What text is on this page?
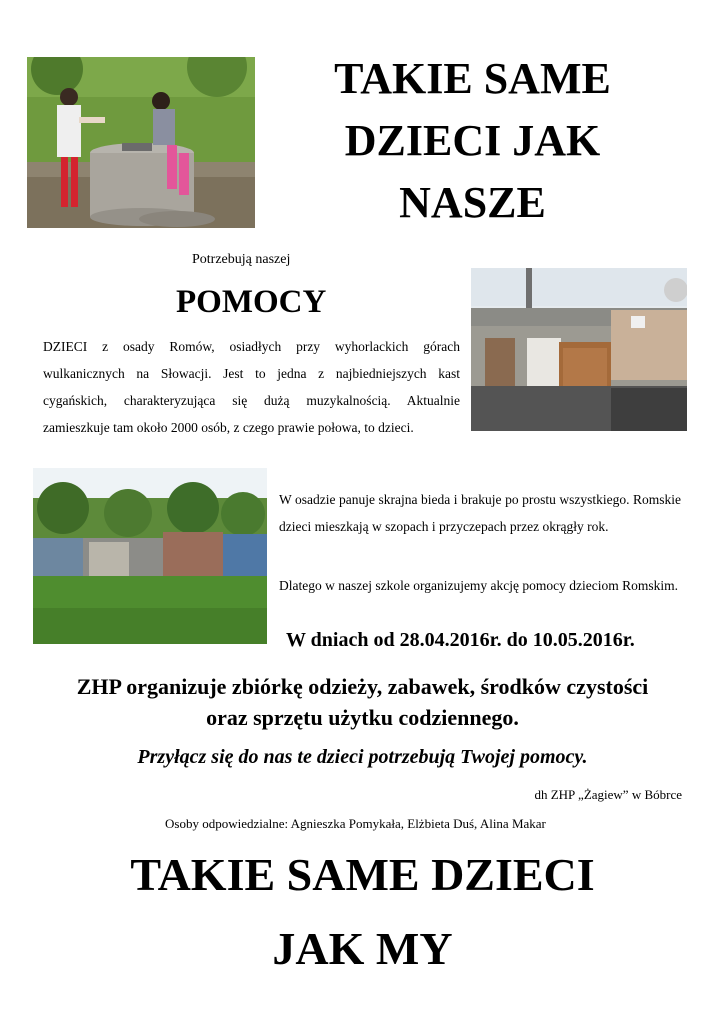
TAKIE SAME
DZIECI JAK
NASZE
Potrzebują naszej
POMOCY
DZIECI z osady Romów, osiadłych przy wyhorlackich górach wulkanicznych na Słowacji. Jest to jedna z najbiedniejszych kast cygańskich, charakteryzująca się dużą muzykalnością. Aktualnie zamieszkuje tam około 2000 osób, z czego prawie połowa, to dzieci.
W osadzie panuje skrajna bieda i brakuje po prostu wszystkiego. Romskie dzieci mieszkają w szopach i przyczepach przez okrągły rok.
Dlatego w naszej szkole organizujemy akcję pomocy dzieciom Romskim.
W dniach od 28.04.2016r. do 10.05.2016r.
ZHP organizuje zbiórkę odzieży, zabawek, środków czystości
oraz sprzętu użytku codziennego.
Przyłącz się do nas te dzieci potrzebują Twojej pomocy.
dh ZHP „Żagiew” w Bóbrce
Osoby odpowiedzialne: Agnieszka Pomykała, Elżbieta Duś, Alina Makar
TAKIE SAME DZIECI
JAK MY
